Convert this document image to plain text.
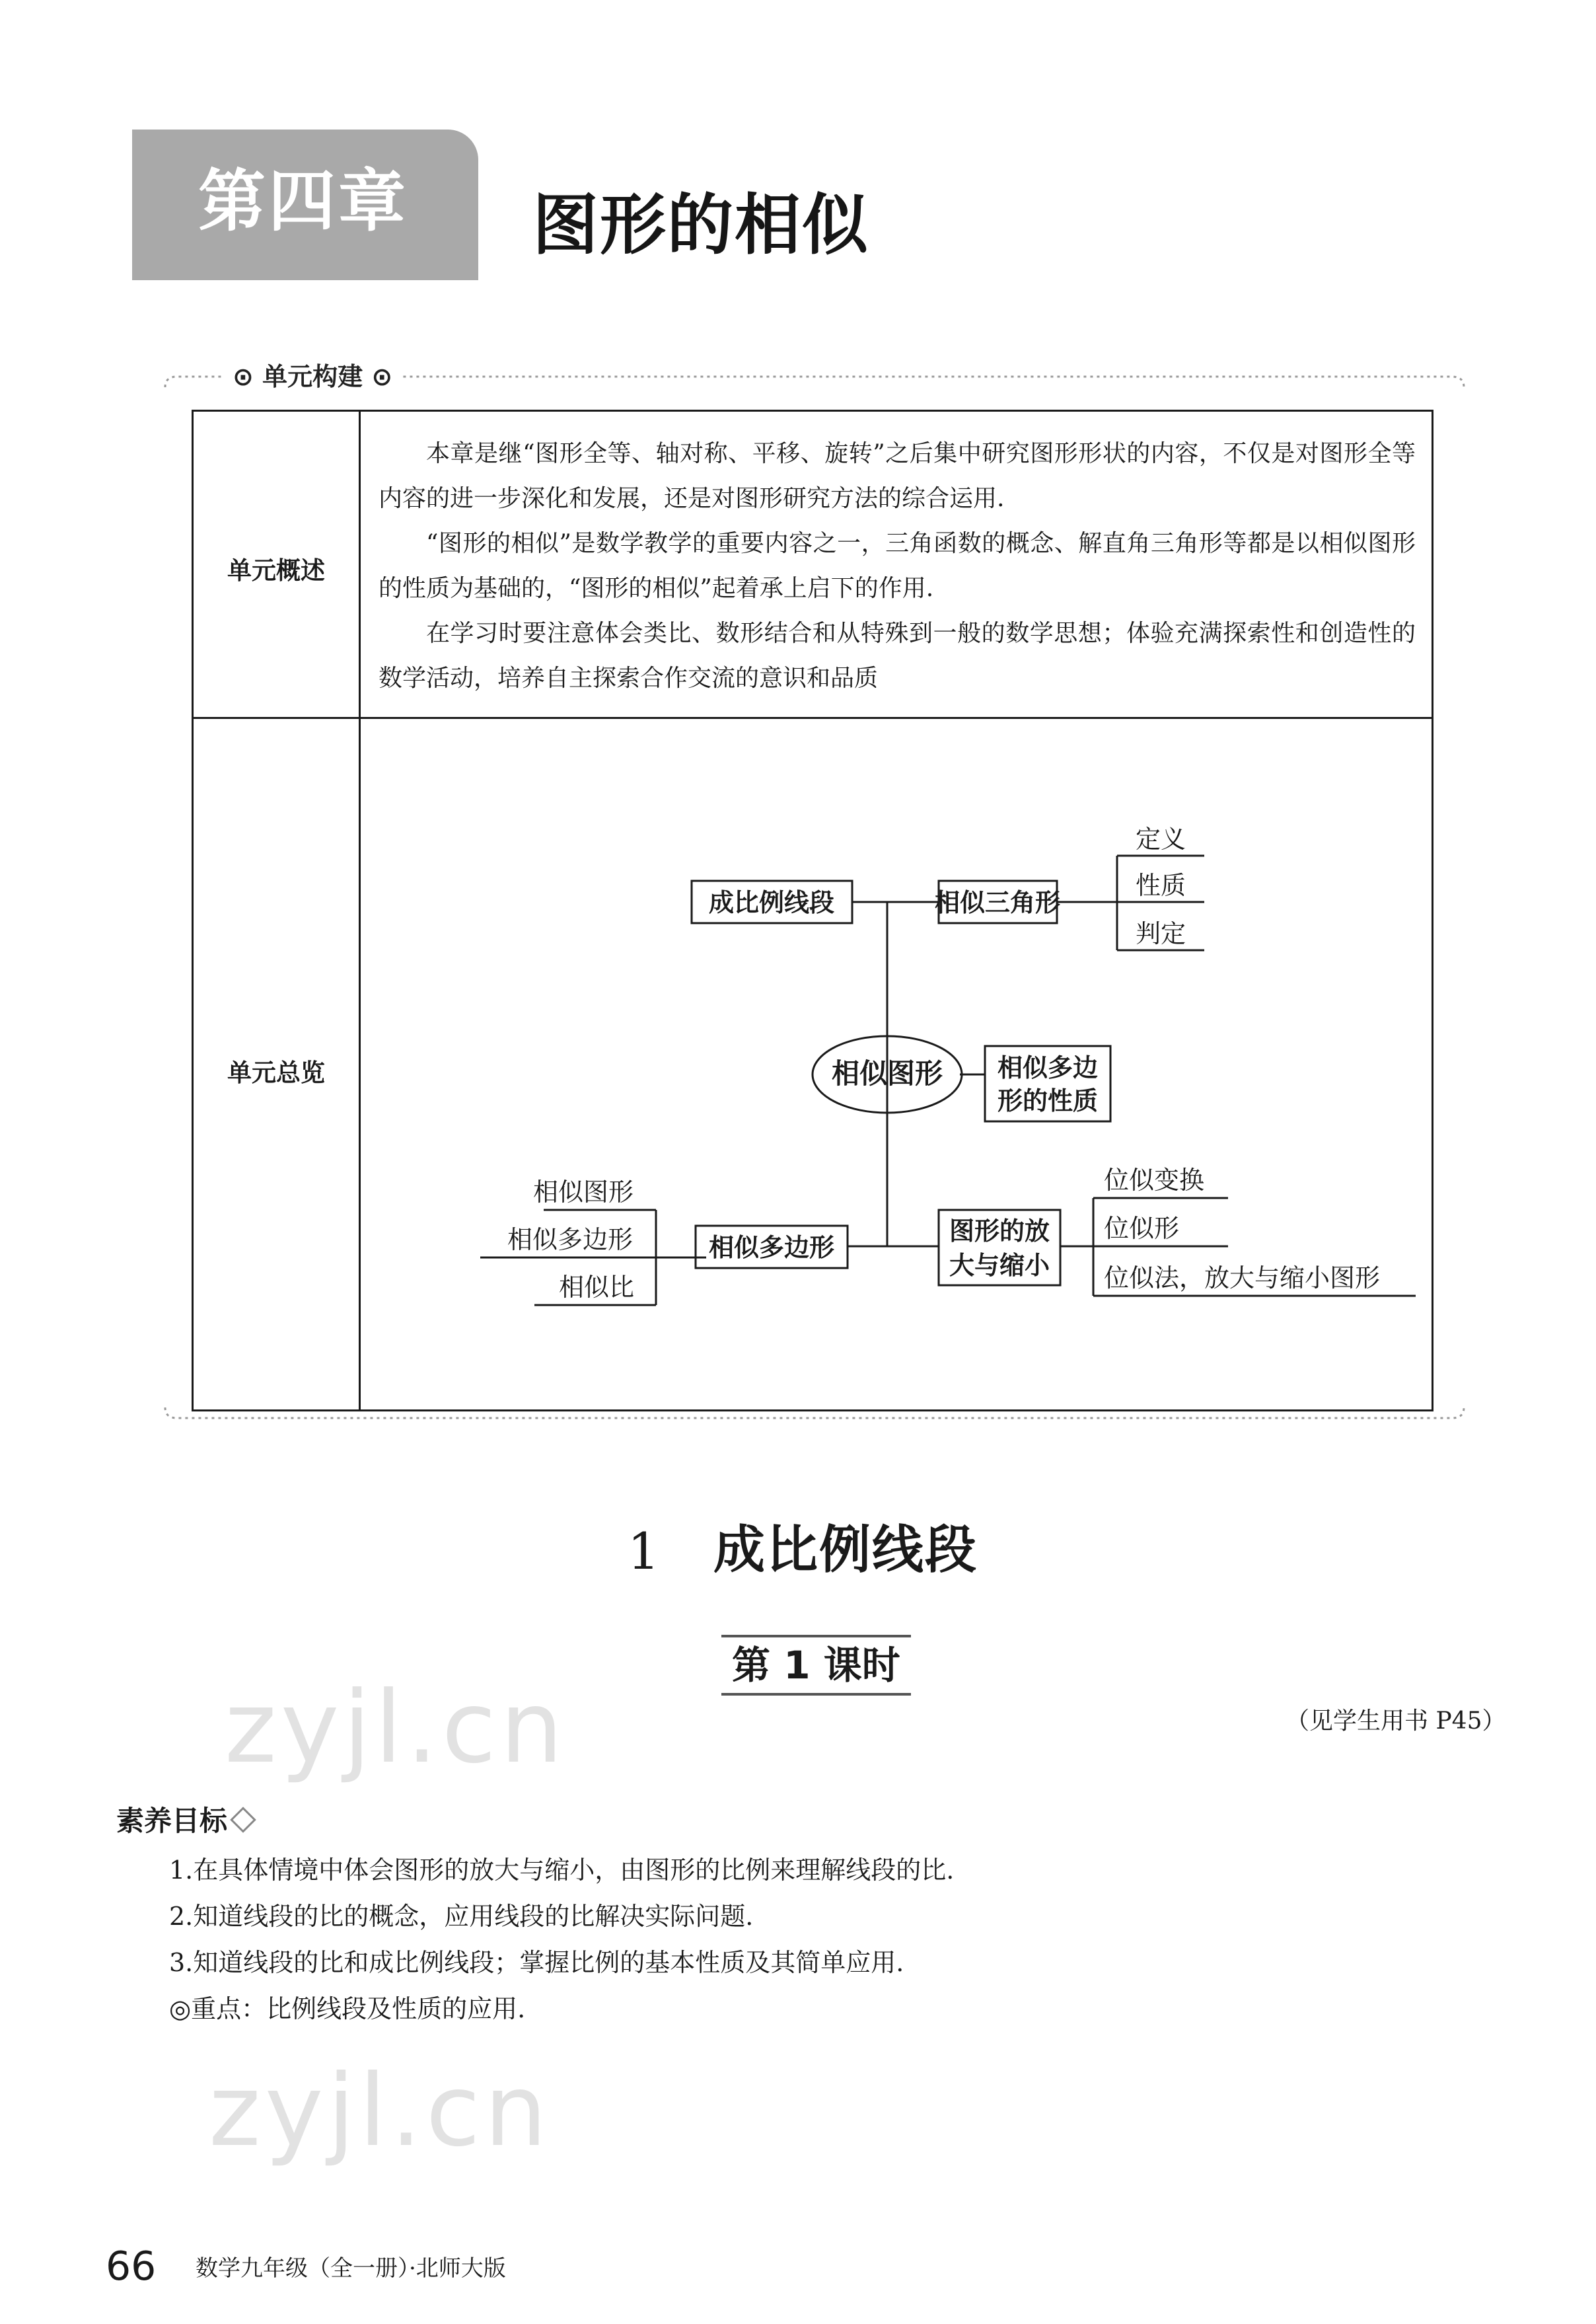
第四章 图形的相似
⊙ 单元构建 ⊙
单元概述

本章是继“图形全等、轴对称、平移、旋转”之后集中研究图形形状的内容，不仅是对图形全等内容的进一步深化和发展，还是对图形研究方法的综合运用.

“图形的相似”是数学教学的重要内容之一，三角函数的概念、解直角三角形等都是以相似图形的性质为基础的，“图形的相似”起着承上启下的作用.

在学习时要注意体会类比、数形结合和从特殊到一般的数学思想；体验充满探索性和创造性的数学活动，培养自主探索合作交流的意识和品质

单元总览
成比例线段	相似三角形
相似图形 相似多边
形的性质
相似多边形
图形的放
大与缩小
定义
性质
判定
相似图形
相似多边形
相似比
位似变换
位似形
位似法，放大与缩小图形
1 成比例线段
第 1 课时
（见学生用书 P45）
zyjl.cn
zyjl.cn
素养目标
1.在具体情境中体会图形的放大与缩小，由图形的比例来理解线段的比.
2.知道线段的比的概念，应用线段的比解决实际问题.
3.知道线段的比和成比例线段；掌握比例的基本性质及其简单应用.
◎重点：比例线段及性质的应用.
66 数学九年级（全一册）·北师大版
